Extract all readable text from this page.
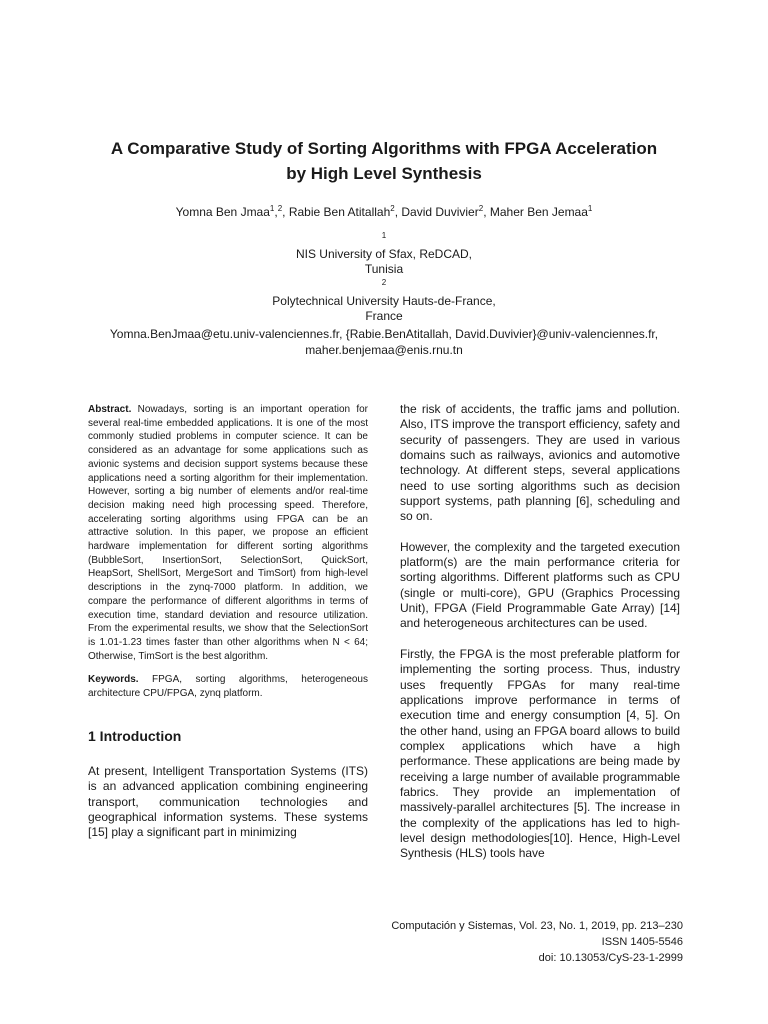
A Comparative Study of Sorting Algorithms with FPGA Acceleration
by High Level Synthesis
Yomna Ben Jmaa$^1$,$^2$, Rabie Ben Atitallah$^2$, David Duvivier$^2$, Maher Ben Jemaa$^1$
$^1$
NIS University of Sfax, ReDCAD,
Tunisia
$^2$
Polytechnical University Hauts-de-France,
France
Yomna.BenJmaa@etu.univ-valenciennes.fr, {Rabie.BenAtitallah, David.Duvivier}@univ-valenciennes.fr,
maher.benjemaa@enis.rnu.tn

Abstract. Nowadays, sorting is an important operation for several real-time embedded applications. It is one of the most commonly studied problems in computer science. It can be considered as an advantage for some applications such as avionic systems and decision support systems because these applications need a sorting algorithm for their implementation. However, sorting a big number of elements and/or real-time decision making need high processing speed. Therefore, accelerating sorting algorithms using FPGA can be an attractive solution. In this paper, we propose an efficient hardware implementation for different sorting algorithms (BubbleSort, InsertionSort, SelectionSort, QuickSort, HeapSort, ShellSort, MergeSort and TimSort) from high-level descriptions in the zynq-7000 platform. In addition, we compare the performance of different algorithms in terms of execution time, standard deviation and resource utilization. From the experimental results, we show that the SelectionSort is 1.01-1.23 times faster than other algorithms when N < 64; Otherwise, TimSort is the best algorithm.

Keywords. FPGA, sorting algorithms, heterogeneous architecture CPU/FPGA, zynq platform.

1 Introduction

At present, Intelligent Transportation Systems (ITS) is an advanced application combining engineering transport, communication technologies and geographical information systems. These systems [15] play a significant part in minimizing

the risk of accidents, the traffic jams and pollution. Also, ITS improve the transport efficiency, safety and security of passengers. They are used in various domains such as railways, avionics and automotive technology. At different steps, several applications need to use sorting algorithms such as decision support systems, path planning [6], scheduling and so on.

However, the complexity and the targeted execution platform(s) are the main performance criteria for sorting algorithms. Different platforms such as CPU (single or multi-core), GPU (Graphics Processing Unit), FPGA (Field Programmable Gate Array) [14] and heterogeneous architectures can be used.

Firstly, the FPGA is the most preferable platform for implementing the sorting process. Thus, industry uses frequently FPGAs for many real-time applications improve performance in terms of execution time and energy consumption [4, 5]. On the other hand, using an FPGA board allows to build complex applications which have a high performance. These applications are being made by receiving a large number of available programmable fabrics. They provide an implementation of massively-parallel architectures [5]. The increase in the complexity of the applications has led to high-level design methodologies[10]. Hence, High-Level Synthesis (HLS) tools have

Computación y Sistemas, Vol. 23, No. 1, 2019, pp. 213–230
ISSN 1405-5546
doi: 10.13053/CyS-23-1-2999
